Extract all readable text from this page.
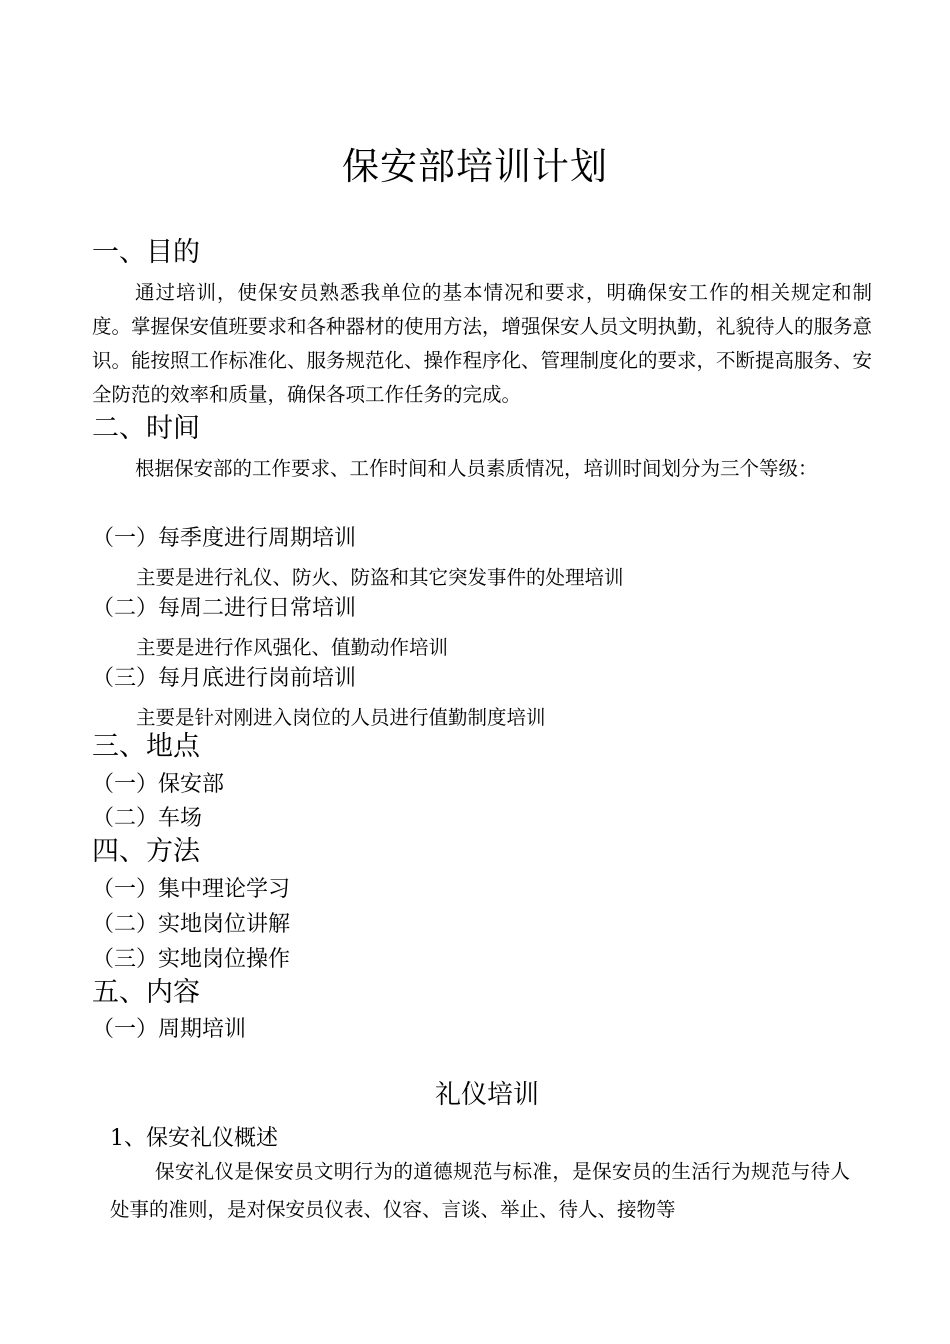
保安部培训计划
一、目的

通过培训，使保安员熟悉我单位的基本情况和要求，明确保安工作的相关规定和制度。掌握保安值班要求和各种器材的使用方法，增强保安人员文明执勤，礼貌待人的服务意识。能按照工作标准化、服务规范化、操作程序化、管理制度化的要求，不断提高服务、安全防范的效率和质量，确保各项工作任务的完成。

二、时间

根据保安部的工作要求、工作时间和人员素质情况，培训时间划分为三个等级：

（一）每季度进行周期培训
主要是进行礼仪、防火、防盗和其它突发事件的处理培训
（二）每周二进行日常培训
主要是进行作风强化、值勤动作培训
（三）每月底进行岗前培训
主要是针对刚进入岗位的人员进行值勤制度培训
三、地点
（一）保安部
（二）车场
四、方法
（一）集中理论学习
（二）实地岗位讲解
（三）实地岗位操作
五、内容
（一）周期培训
礼仪培训
1、保安礼仪概述

保安礼仪是保安员文明行为的道德规范与标准，是保安员的生活行为规范与待人处事的准则，是对保安员仪表、仪容、言谈、举止、待人、接物等
